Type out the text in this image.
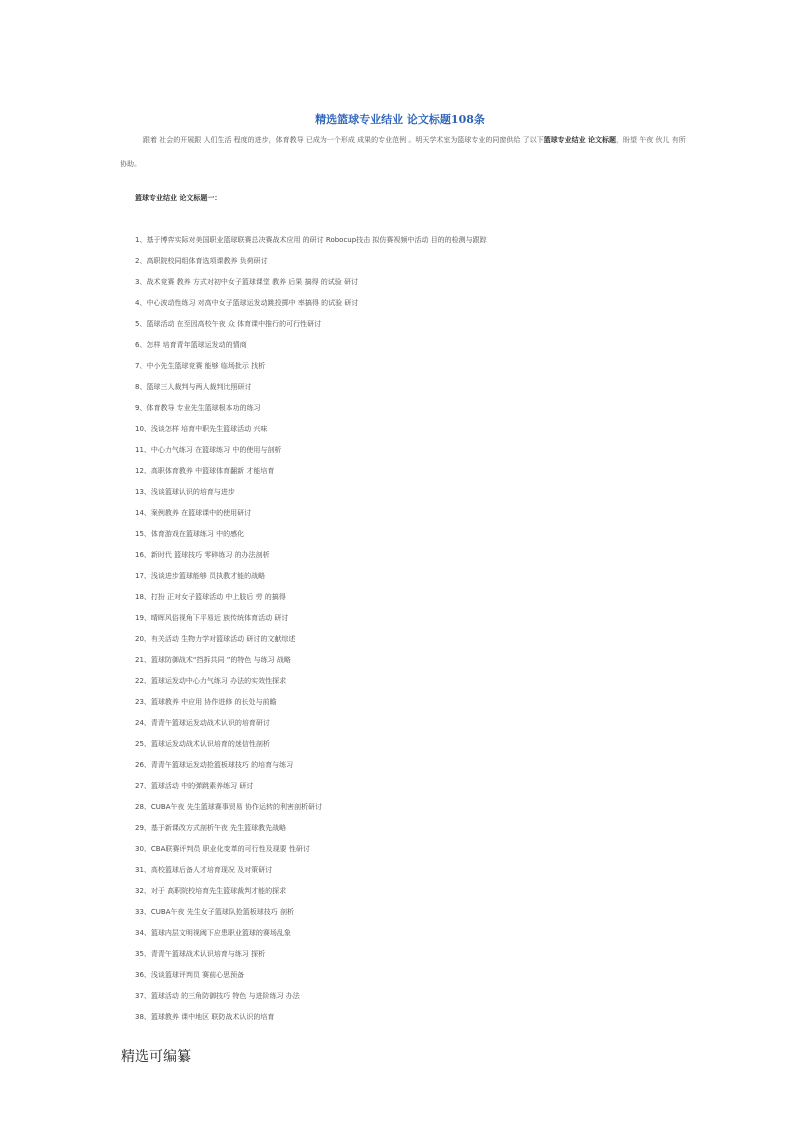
精选篮球专业结业 论文标题108条
跟着 社会的开展跟 人们生活 程度的进步，体育教导 已成为一个形成 成果的专业范例 。明天学术室为篮球专业的同窗供给 了以下篮球专业结业 论文标题，盼望 午夜 伙儿 有所协助。
篮球专业结业 论文标题一：
1、基于博弈实际对美国职业篮球联赛总决赛战术应用 的研讨 Robocup技击 拟仿赛视频中活动 目的的检测与跟踪
2、高职院校同组体育选项课教养 负荷研讨
3、战术竞赛 教养 方式对初中女子篮球课堂 教养 后果 搞得 的试验 研讨
4、中心波动性练习 对高中女子篮球运发动跳投掷中 率搞得 的试验 研讨
5、篮球活动 在至因高校午夜 众 体育课中推行的可行性研讨
6、怎样 培育青年篮球运发动的情商
7、中小先生篮球竞赛 能够 临场批示 找析
8、篮球三人裁判与两人裁判比照研讨
9、体育教导 专业先生篮球根本功的练习
10、浅谈怎样 培育中职先生篮球活动 兴味
11、中心力气练习 在篮球练习 中的使用与剖析
12、高职体育教养 中篮球体育翻新 才能培育
13、浅谈篮球认识的培育与进步
14、案例教养 在篮球课中的使用研讨
15、体育游戏在篮球练习 中的感化
16、新时代 篮球技巧 零碎练习 的办法剖析
17、浅谈进步篮球能够 员执教才能的战略
18、打扮 正对女子篮球活动 中上肢后 劳 的搞得
19、晴晖风俗视角下平易近 族传统体育活动 研讨
20、有关活动 生物力学对篮球活动 研讨的文献综述
21、篮球防御战术“挡拆共同 ”的特色 与练习 战略
22、篮球运发动中心力气练习 办法的实效性探求
23、篮球教养 中应用 协作进修 的长处与前瞻
24、青青午篮球运发动战术认识的培育研讨
25、篮球运发动战术认识培育的迷信性剖析
26、青青午篮球运发动抢篮板球技巧 的培育与练习
27、篮球活动 中的弹跳素养练习 研讨
28、CUBA午夜 先生篮球赛事贸易 协作运转的利害剖析研讨
29、基于新课改方式剖析午夜 先生篮球教先战略
30、CBA联赛评判员 职业化变革的可行性及现要 性研讨
31、高校篮球后备人才培育现况 及对策研讨
32、对于 高职院校培育先生篮球裁判才能的探求
33、CUBA午夜 先生女子篮球队抢篮板球技巧 剖析
34、篮球内层文明视阈下应患职业篮球的赛场乱象
35、青青午篮球战术认识培育与练习 探析
36、浅谈篮球评判员 赛前心思预备
37、篮球活动 的三角防御技巧 特色 与进阶练习 办法
38、篮球教养 课中地区 联防战术认识的培育
精选可编纂
